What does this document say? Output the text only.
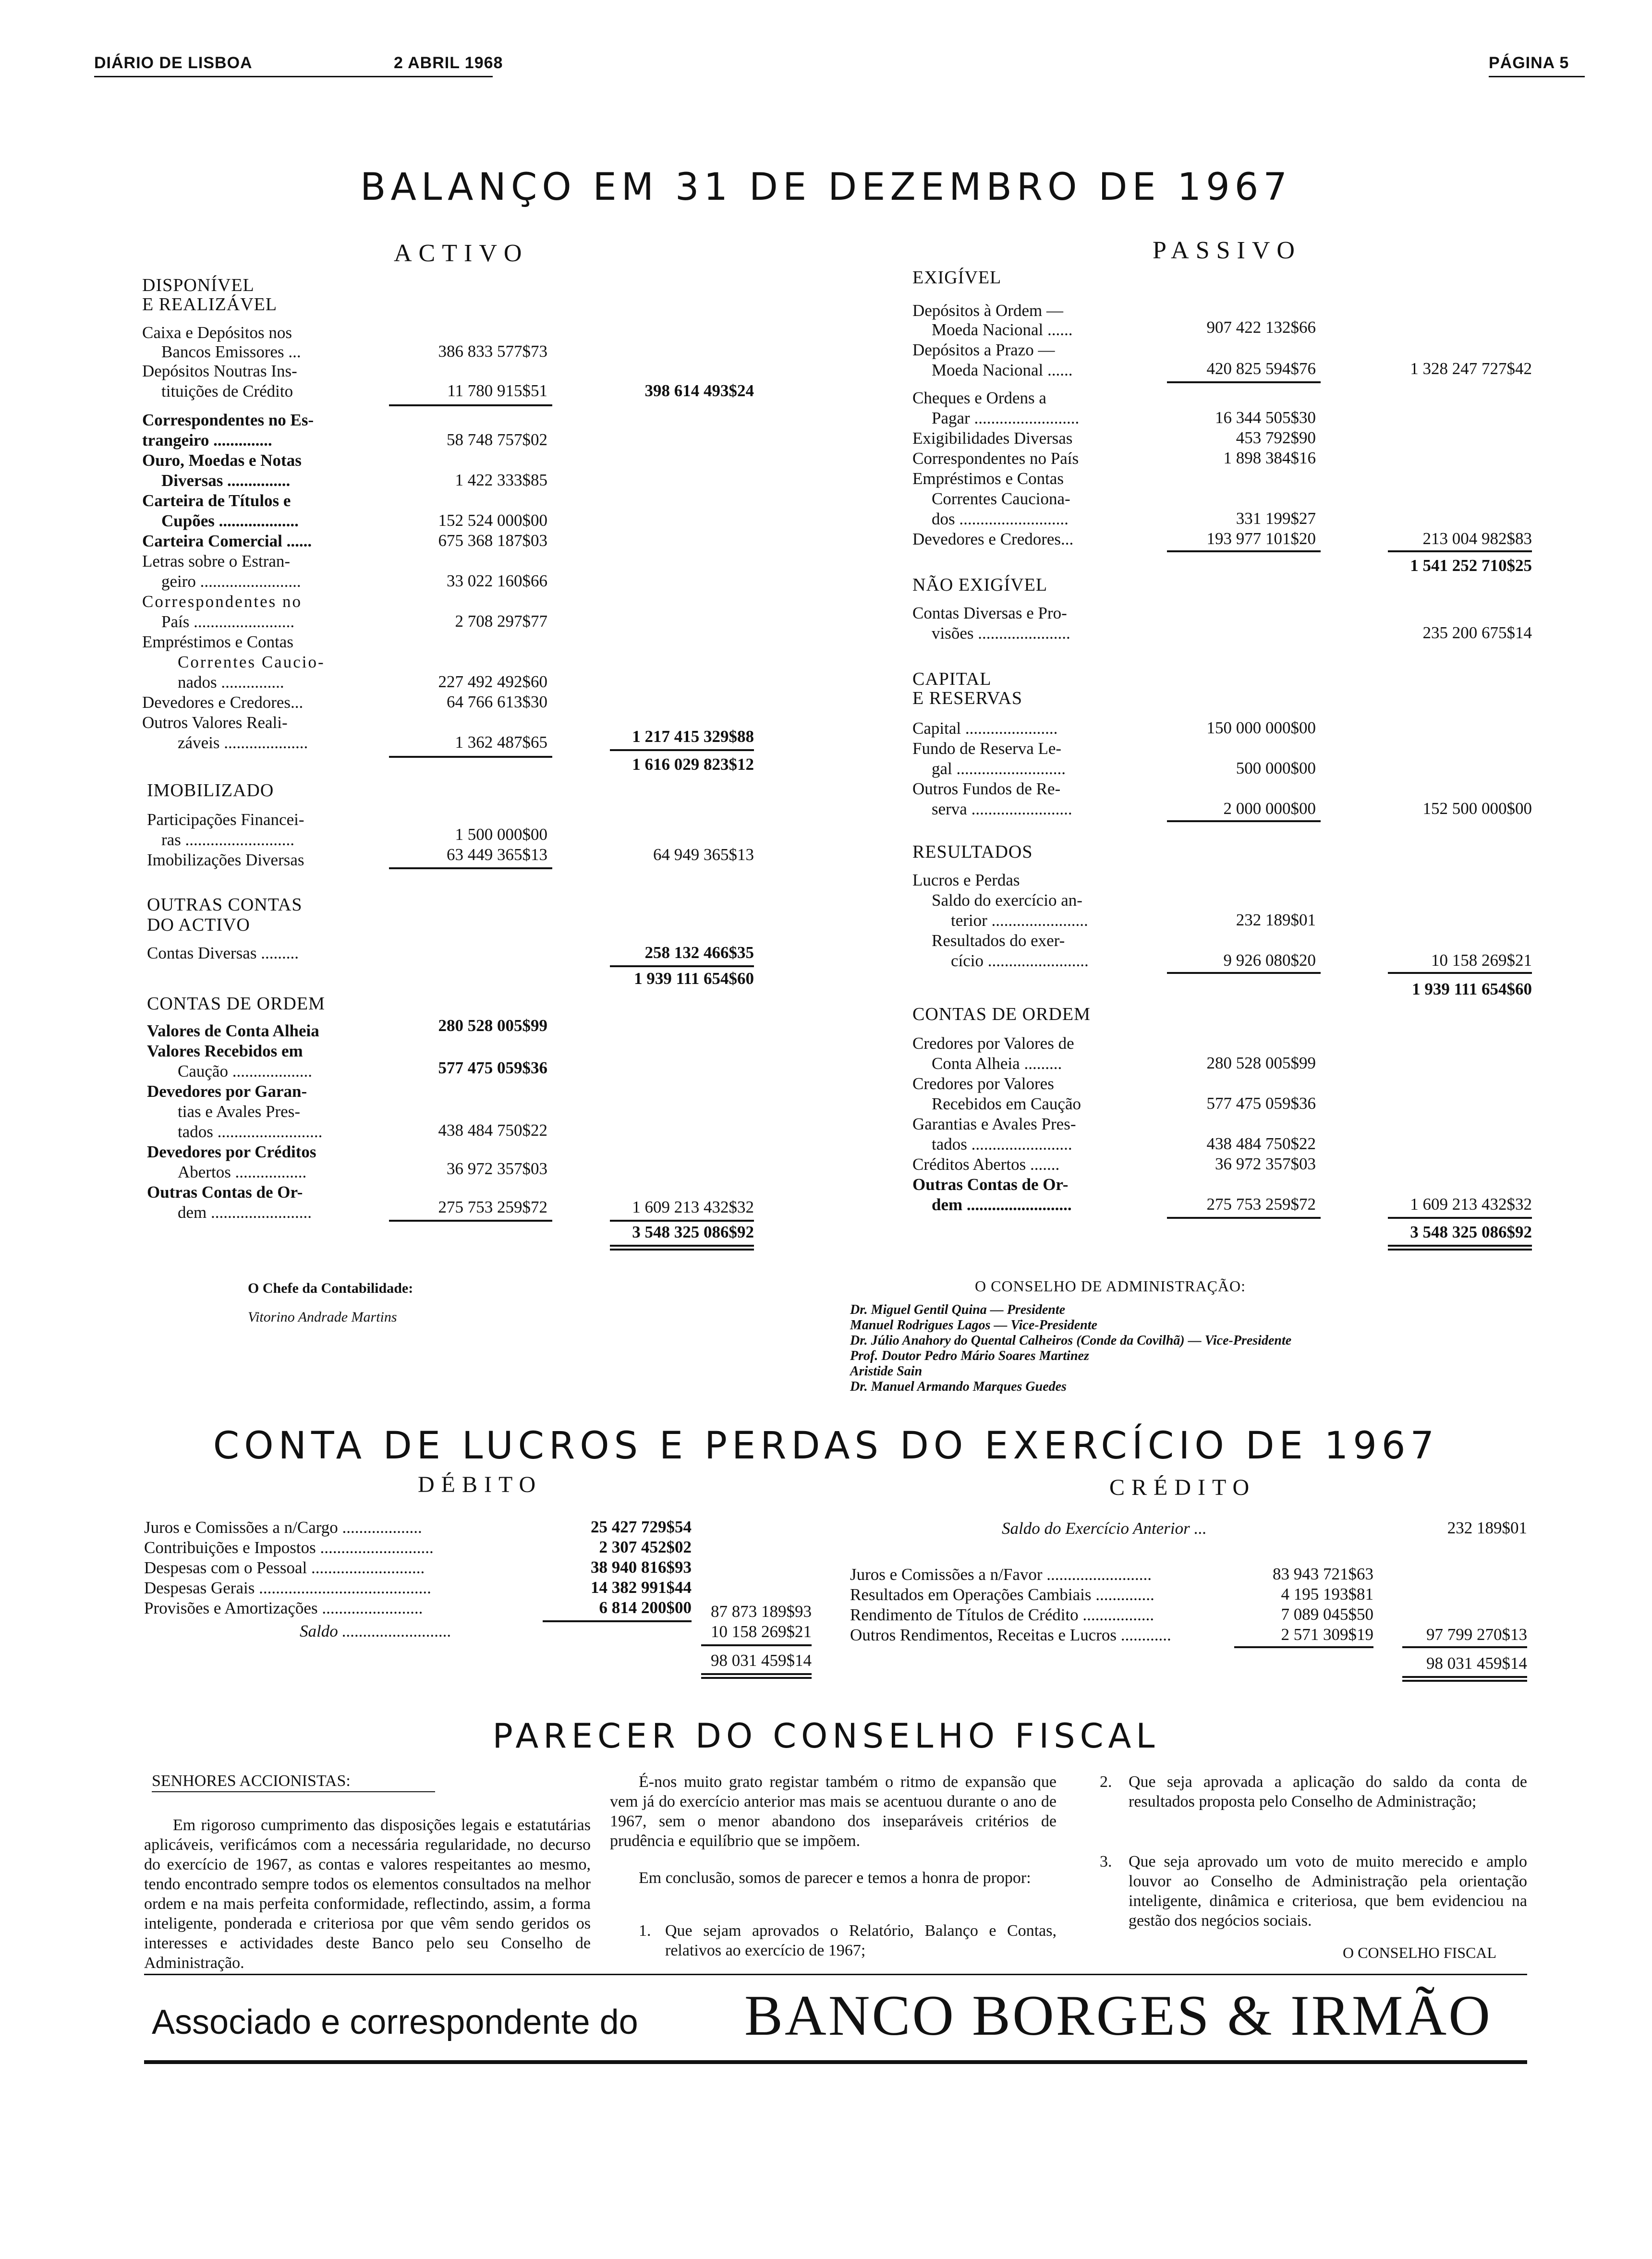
DIÁRIO DE LISBOA	2 ABRIL 1968	PÁGINA 5
BALANÇO EM 31 DE DEZEMBRO DE 1967
ACTIVO	PASSIVO
DISPONÍVEL
E REALIZÁVEL
Caixa e Depósitos nos
Bancos Emissores ...	386 833 577$73
Depósitos Noutras Ins-
tituições de Crédito	11 780 915$51	398 614 493$24
Correspondentes no Es-
trangeiro ..............	58 748 757$02
Ouro, Moedas e Notas
Diversas ...............	1 422 333$85
Carteira de Títulos e
Cupões ...................	152 524 000$00
Carteira Comercial ......	675 368 187$03
Letras sobre o Estran-
geiro ........................	33 022 160$66
Correspondentes no
País ........................	2 708 297$77
Empréstimos e Contas
Correntes Caucio-
nados ...............	227 492 492$60
Devedores e Credores...	64 766 613$30
Outros Valores Reali-
záveis ....................	1 362 487$65	1 217 415 329$88
1 616 029 823$12
IMOBILIZADO
Participações Financei-
ras ..........................	1 500 000$00
Imobilizações Diversas	63 449 365$13	64 949 365$13
OUTRAS CONTAS
DO ACTIVO
Contas Diversas .........	258 132 466$35
1 939 111 654$60
CONTAS DE ORDEM
Valores de Conta Alheia	280 528 005$99
Valores Recebidos em
Caução ...................	577 475 059$36
Devedores por Garan-
tias e Avales Pres-
tados .........................	438 484 750$22
Devedores por Créditos
Abertos .................	36 972 357$03
Outras Contas de Or-
dem ........................	275 753 259$72	1 609 213 432$32
3 548 325 086$92
EXIGÍVEL
Depósitos à Ordem —
Moeda Nacional ......	907 422 132$66
Depósitos a Prazo —
Moeda Nacional ......	420 825 594$76	1 328 247 727$42
Cheques e Ordens a
Pagar .........................	16 344 505$30
Exigibilidades Diversas	453 792$90
Correspondentes no País	1 898 384$16
Empréstimos e Contas
Correntes Cauciona-
dos ..........................	331 199$27
Devedores e Credores...	193 977 101$20	213 004 982$83
1 541 252 710$25
NÃO EXIGÍVEL
Contas Diversas e Pro-
visões ......................	235 200 675$14
CAPITAL
E RESERVAS
Capital ......................	150 000 000$00
Fundo de Reserva Le-
gal ..........................	500 000$00
Outros Fundos de Re-
serva ........................	2 000 000$00	152 500 000$00
RESULTADOS
Lucros e Perdas
Saldo do exercício an-
terior .......................	232 189$01
Resultados do exer-
cício ........................	9 926 080$20	10 158 269$21
1 939 111 654$60
CONTAS DE ORDEM
Credores por Valores de
Conta Alheia .........	280 528 005$99
Credores por Valores
Recebidos em Caução	577 475 059$36
Garantias e Avales Pres-
tados ........................	438 484 750$22
Créditos Abertos .......	36 972 357$03
Outras Contas de Or-
dem .........................	275 753 259$72	1 609 213 432$32
3 548 325 086$92
O Chefe da Contabilidade:
Vitorino Andrade Martins
O CONSELHO DE ADMINISTRAÇÃO:
Dr. Miguel Gentil Quina — Presidente
Manuel Rodrigues Lagos — Vice-Presidente
Dr. Júlio Anahory do Quental Calheiros (Conde da Covilhã) — Vice-Presidente
Prof. Doutor Pedro Mário Soares Martinez
Aristide Sain
Dr. Manuel Armando Marques Guedes
CONTA DE LUCROS E PERDAS DO EXERCÍCIO DE 1967
DÉBITO	CRÉDITO
Juros e Comissões a n/Cargo ...................	25 427 729$54
Contribuições e Impostos ...........................	2 307 452$02
Despesas com o Pessoal ...........................	38 940 816$93
Despesas Gerais .........................................	14 382 991$44
Provisões e Amortizações ........................	6 814 200$00	87 873 189$93
Saldo ..........................	10 158 269$21
98 031 459$14
Saldo do Exercício Anterior ...	232 189$01
Juros e Comissões a n/Favor .........................	83 943 721$63
Resultados em Operações Cambiais ..............	4 195 193$81
Rendimento de Títulos de Crédito .................	7 089 045$50
Outros Rendimentos, Receitas e Lucros ............	2 571 309$19	97 799 270$13
98 031 459$14
PARECER DO CONSELHO FISCAL
SENHORES ACCIONISTAS:
Em rigoroso cumprimento das disposições legais e estatutárias aplicáveis, verificámos com a necessária regularidade, no decurso do exercício de 1967, as contas e valores respeitantes ao mesmo, tendo encontrado sempre todos os elementos consultados na melhor ordem e na mais perfeita conformidade, reflectindo, assim, a forma inteligente, ponderada e criteriosa por que vêm sendo geridos os interesses e actividades deste Banco pelo seu Conselho de Administração.
É-nos muito grato registar também o ritmo de expansão que vem já do exercício anterior mas mais se acentuou durante o ano de 1967, sem o menor abandono dos inseparáveis critérios de prudência e equilíbrio que se impõem.
Em conclusão, somos de parecer e temos a honra de propor:
1. Que sejam aprovados o Relatório, Balanço e Contas, relativos ao exercício de 1967;
2. Que seja aprovada a aplicação do saldo da conta de resultados proposta pelo Conselho de Administração;
3. Que seja aprovado um voto de muito merecido e amplo louvor ao Conselho de Administração pela orientação inteligente, dinâmica e criteriosa, que bem evidenciou na gestão dos negócios sociais.
O CONSELHO FISCAL
Associado e correspondente do BANCO BORGES & IRMÃO
